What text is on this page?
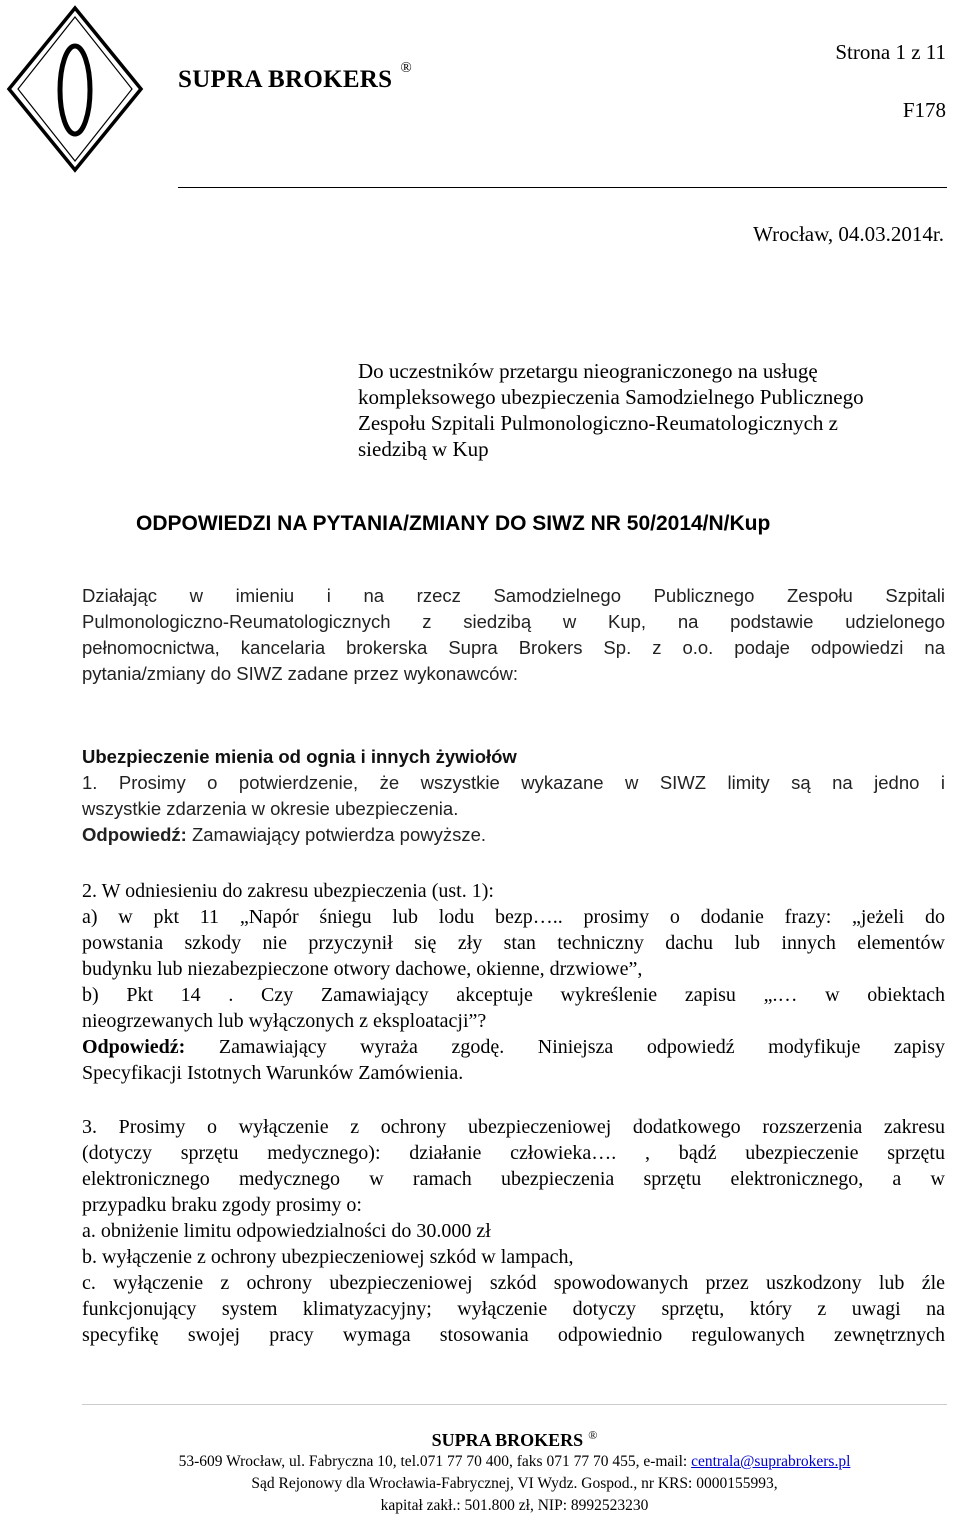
SUPRA BROKERS ®
Strona 1 z 11
F178
Wrocław, 04.03.2014r.
Do uczestników przetargu nieograniczonego na usługę
kompleksowego ubezpieczenia Samodzielnego Publicznego
Zespołu Szpitali Pulmonologiczno-Reumatologicznych z
siedzibą w Kup
ODPOWIEDZI NA PYTANIA/ZMIANY DO SIWZ NR 50/2014/N/Kup
Działając w imieniu i na rzecz Samodzielnego Publicznego Zespołu Szpitali
Pulmonologiczno-Reumatologicznych z siedzibą w Kup, na podstawie udzielonego
pełnomocnictwa, kancelaria brokerska Supra Brokers Sp. z o.o. podaje odpowiedzi na
pytania/zmiany do SIWZ zadane przez wykonawców:
Ubezpieczenie mienia od ognia i innych żywiołów
1. Prosimy o potwierdzenie, że wszystkie wykazane w SIWZ limity są na jedno i
wszystkie zdarzenia w okresie ubezpieczenia.
Odpowiedź: Zamawiający potwierdza powyższe.
2. W odniesieniu do zakresu ubezpieczenia (ust. 1):
a) w pkt 11 „Napór śniegu lub lodu bezp….. prosimy o dodanie frazy: „jeżeli do
powstania szkody nie przyczynił się zły stan techniczny dachu lub innych elementów
budynku lub niezabezpieczone otwory dachowe, okienne, drzwiowe”,
b) Pkt 14 . Czy Zamawiający akceptuje wykreślenie zapisu „.… w obiektach
nieogrzewanych lub wyłączonych z eksploatacji”?
Odpowiedź: Zamawiający wyraża zgodę. Niniejsza odpowiedź modyfikuje zapisy
Specyfikacji Istotnych Warunków Zamówienia.
3. Prosimy o wyłączenie z ochrony ubezpieczeniowej dodatkowego rozszerzenia zakresu
(dotyczy sprzętu medycznego): działanie człowieka…. , bądź ubezpieczenie sprzętu
elektronicznego medycznego w ramach ubezpieczenia sprzętu elektronicznego, a w
przypadku braku zgody prosimy o:
a. obniżenie limitu odpowiedzialności do 30.000 zł
b. wyłączenie z ochrony ubezpieczeniowej szkód w lampach,
c. wyłączenie z ochrony ubezpieczeniowej szkód spowodowanych przez uszkodzony lub źle
funkcjonujący system klimatyzacyjny; wyłączenie dotyczy sprzętu, który z uwagi na
specyfikę swojej pracy wymaga stosowania odpowiednio regulowanych zewnętrznych
SUPRA BROKERS ®
53-609 Wrocław, ul. Fabryczna 10, tel.071 77 70 400, faks 071 77 70 455, e-mail: centrala@suprabrokers.pl
Sąd Rejonowy dla Wrocławia-Fabrycznej, VI Wydz. Gospod., nr KRS: 0000155993,
kapitał zakł.: 501.800 zł, NIP: 8992523230
